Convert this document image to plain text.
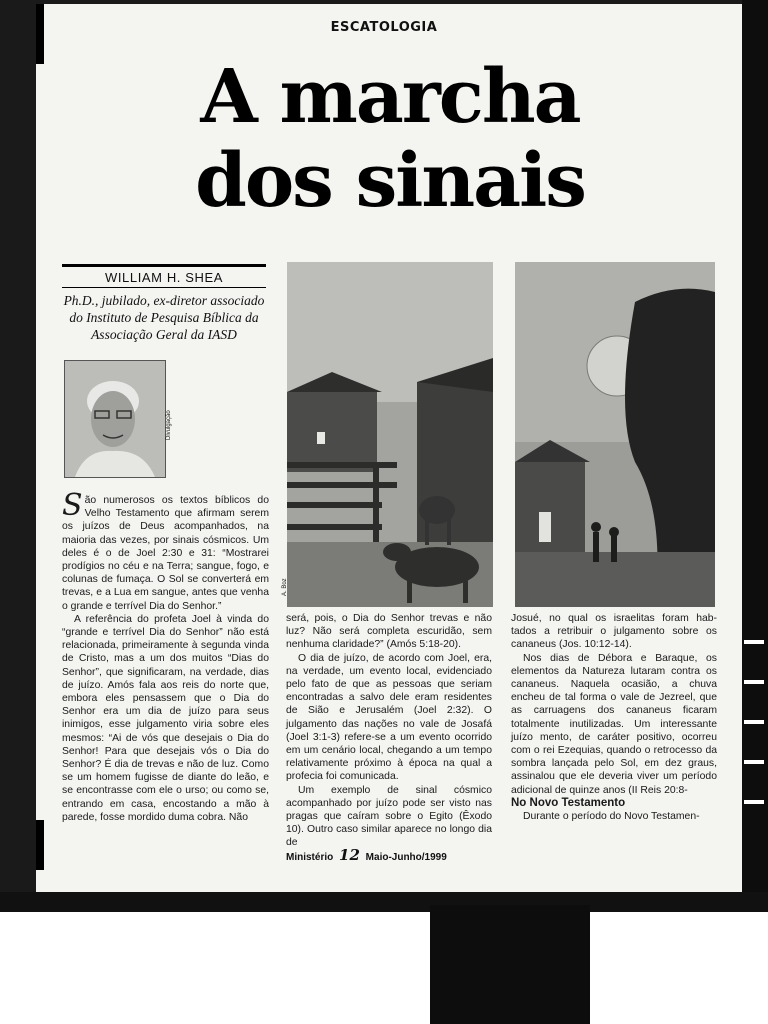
ESCATOLOGIA
A marcha
dos sinais
WILLIAM H. SHEA
Ph.D., jubilado, ex-diretor associado do Instituto de Pesquisa Bíblica da Associação Geral da IASD
Divulgação
A. Boz

São numerosos os textos bíblicos do Velho Testamento que afirmam serem os juízos de Deus acompanhados, na maioria das vezes, por sinais cósmicos. Um deles é o de Joel 2:30 e 31: “Mostrarei prodígios no céu e na Terra; sangue, fogo, e colunas de fumaça. O Sol se converterá em trevas, e a Lua em sangue, antes que venha o grande e terrível Dia do Senhor.”

A referência do profeta Joel à vinda do “grande e terrível Dia do Senhor” não está relacionada, primeiramente à segunda vinda de Cristo, mas a um dos muitos “Dias do Senhor”, que significaram, na verdade, dias de juízo. Amós fala aos reis do norte que, embora eles pensassem que o Dia do Senhor era um dia de juízo para seus inimigos, esse julgamento viria sobre eles mesmos: “Ai de vós que desejais o Dia do Senhor! Para que desejais vós o Dia do Senhor? É dia de trevas e não de luz. Como se um homem fugisse de diante do leão, e se encontrasse com ele o urso; ou como se, entrando em casa, encostando a mão à parede, fosse mordido duma cobra. Não

será, pois, o Dia do Senhor trevas e não luz? Não será completa escuridão, sem nenhuma claridade?” (Amós 5:18-20).

O dia de juízo, de acordo com Joel, era, na verdade, um evento local, evidenciado pelo fato de que as pessoas que seriam encontradas a salvo dele eram residentes de Sião e Jerusalém (Joel 2:32). O julgamento das nações no vale de Josafá (Joel 3:1-3) refere-se a um evento ocorrido em um cenário local, chegando a um tempo relativamente próximo à época na qual a profecia foi comunicada.

Um exemplo de sinal cósmico acompanhado por juízo pode ser visto nas pragas que caíram sobre o Egito (Êxodo 10). Outro caso similar aparece no longo dia de

Josué, no qual os israelitas foram hab- tados a retribuir o julgamento sobre os cananeus (Jos. 10:12-14).

Nos dias de Débora e Baraque, os elementos da Natureza lutaram contra os cananeus. Naquela ocasião, a chuva encheu de tal forma o vale de Jezreel, que as carruagens dos cananeus ficaram totalmente inutilizadas. Um interessante juízo mento, de caráter positivo, ocorreu com o rei Ezequias, quando o retrocesso da sombra lançada pelo Sol, em dez graus, assinalou que ele deveria viver um período adicional de quinze anos (II Reis 20:8-

No Novo Testamento

Durante o período do Novo Testamen-

Ministério 12 Maio-Junho/1999
